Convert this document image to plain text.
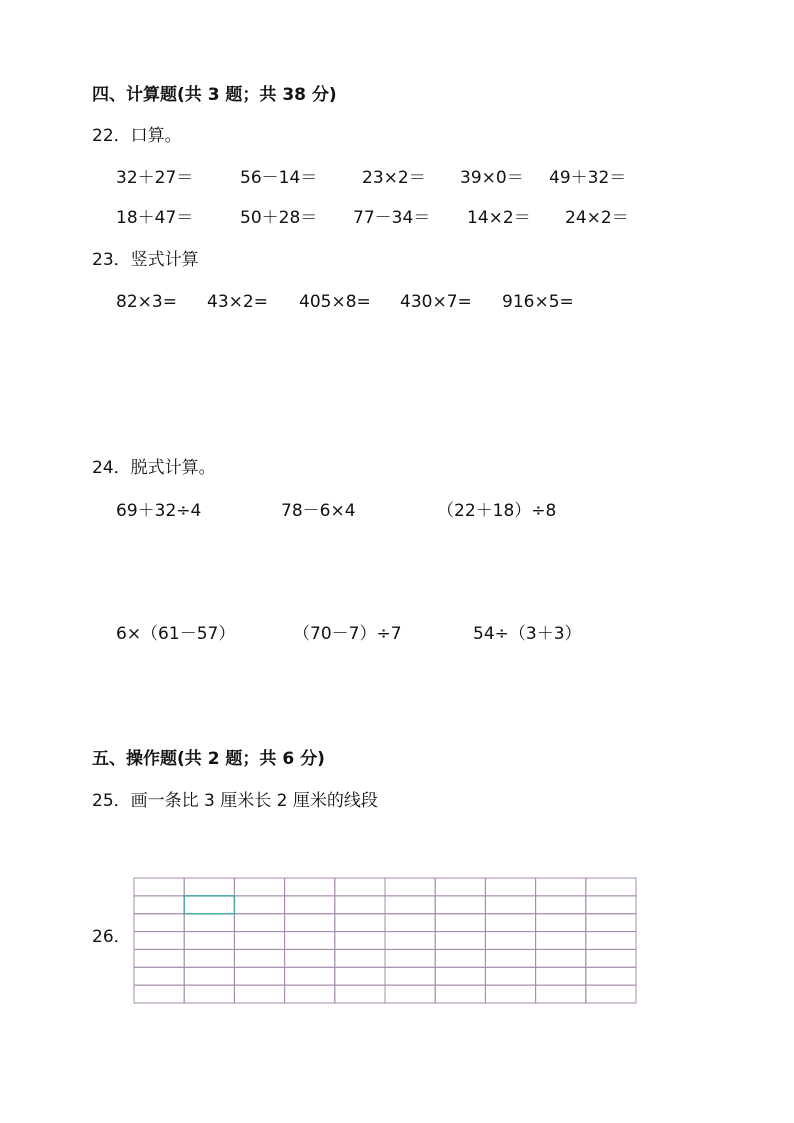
四、计算题(共 3 题；共 38 分)
22．口算。
32＋27＝	56－14＝	23×2＝ 39×0＝ 49＋32＝
18＋47＝	50＋28＝ 77－34＝ 14×2＝ 24×2＝
23．竖式计算
82×3= 43×2= 405×8= 430×7= 916×5=
24．脱式计算。
69＋32÷4	78－6×4	（22＋18）÷8
6×（61－57）	（70－7）÷7	54÷（3＋3）
五、操作题(共 2 题；共 6 分)
25．画一条比 3 厘米长 2 厘米的线段
26．
